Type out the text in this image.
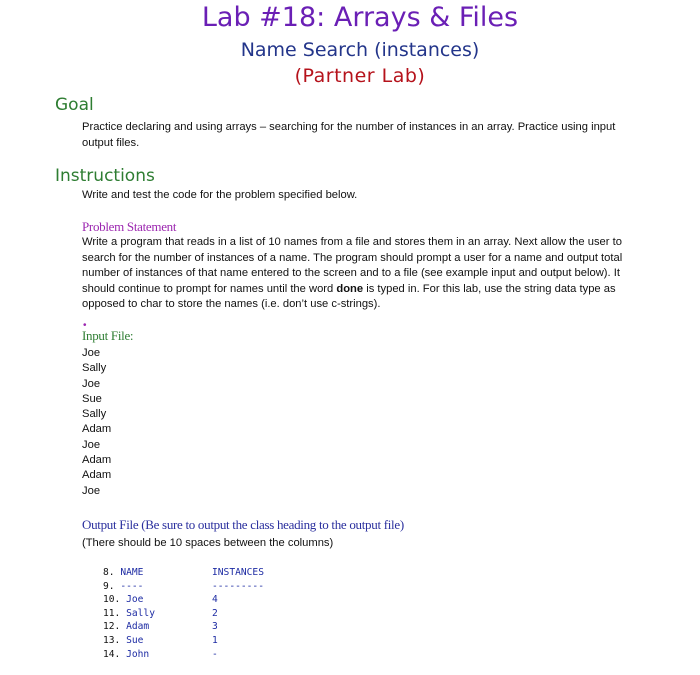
Lab #18: Arrays & Files
Name Search (instances)
(Partner Lab)
Goal
Practice declaring and using arrays – searching for the number of instances in an array. Practice using input output files.
Instructions
Write and test the code for the problem specified below.
Problem Statement
Write a program that reads in a list of 10 names from a file and stores them in an array. Next allow the user to search for the number of instances of a name. The program should prompt a user for a name and output total number of instances of that name entered to the screen and to a file (see example input and output below). It should continue to prompt for names until the word done is typed in. For this lab, use the string data type as opposed to char to store the names (i.e. don’t use c-strings).
•
Input File:
Joe
Sally
Joe
Sue
Sally
Adam
Joe
Adam
Adam
Joe
Output File (Be sure to output the class heading to the output file)
(There should be 10 spaces between the columns)
8. NAME
9. ----
10. Joe
11. Sally
12. Adam
13. Sue
14. John
INSTANCES
---------
4
2
3
1
-
